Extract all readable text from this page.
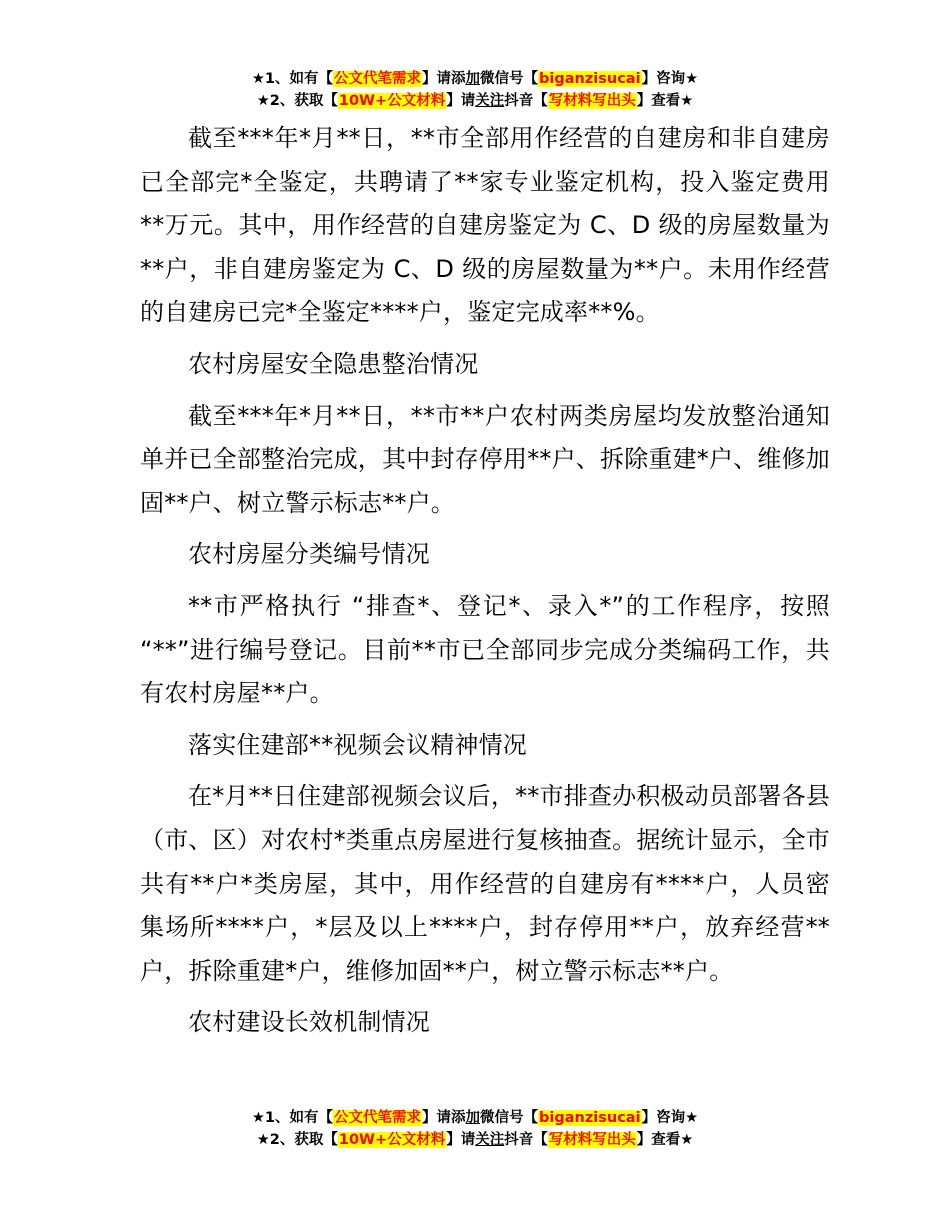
★1、如有【公文代笔需求】请添加微信号【biganzisucai】咨询★
★2、获取【10W+公文材料】请关注抖音【写材料写出头】查看★

截至***年*月**日，**市全部用作经营的自建房和非自建房已全部完*全鉴定，共聘请了**家专业鉴定机构，投入鉴定费用**万元。其中，用作经营的自建房鉴定为 C、D 级的房屋数量为**户，非自建房鉴定为 C、D 级的房屋数量为**户。未用作经营的自建房已完*全鉴定****户，鉴定完成率**%。

农村房屋安全隐患整治情况

截至***年*月**日，**市**户农村两类房屋均发放整治通知单并已全部整治完成，其中封存停用**户、拆除重建*户、维修加固**户、树立警示标志**户。

农村房屋分类编号情况

**市严格执行 “排查*、登记*、录入*”的工作程序，按照 “**”进行编号登记。目前**市已全部同步完成分类编码工作，共有农村房屋**户。

落实住建部**视频会议精神情况

在*月**日住建部视频会议后，**市排查办积极动员部署各县（市、区）对农村*类重点房屋进行复核抽查。据统计显示，全市共有**户*类房屋，其中，用作经营的自建房有****户，人员密集场所****户，*层及以上****户，封存停用**户，放弃经营**户，拆除重建*户，维修加固**户，树立警示标志**户。

农村建设长效机制情况

★1、如有【公文代笔需求】请添加微信号【biganzisucai】咨询★
★2、获取【10W+公文材料】请关注抖音【写材料写出头】查看★
